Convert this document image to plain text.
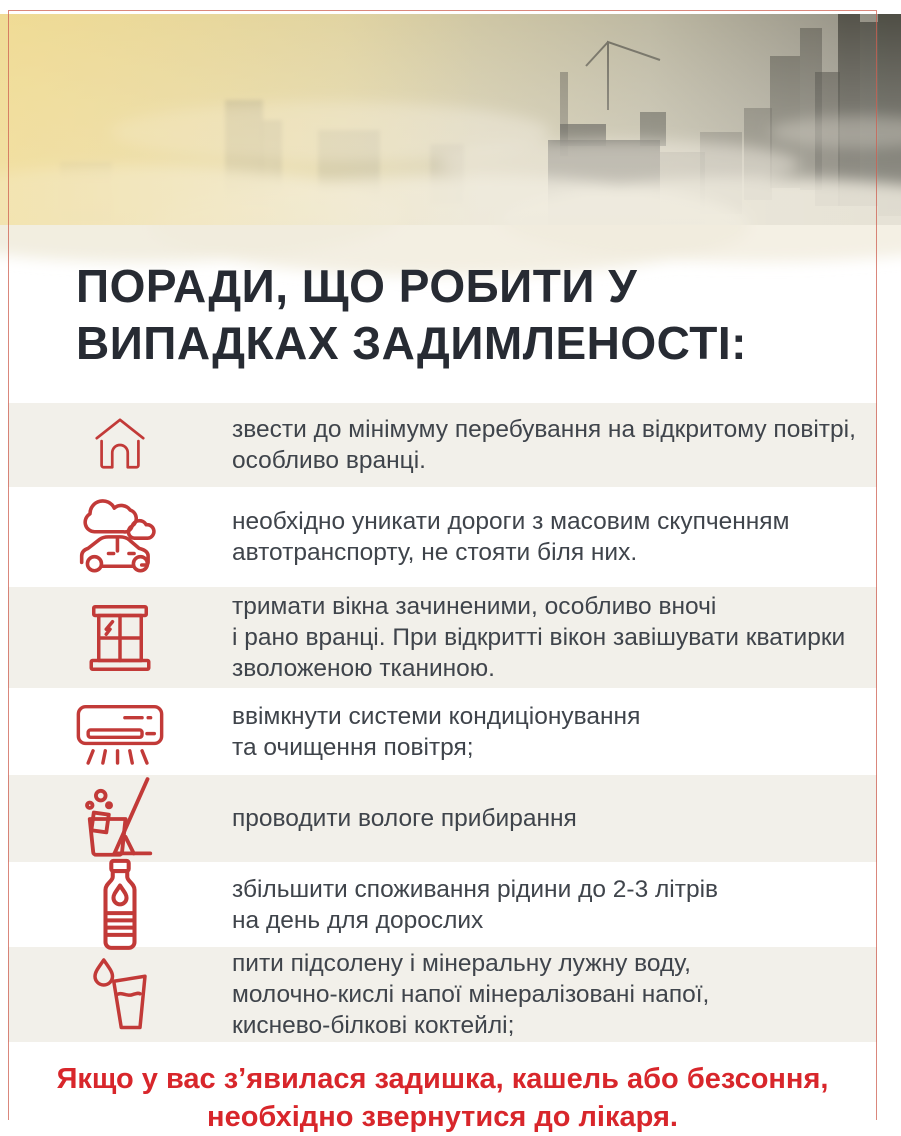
ПОРАДИ, ЩО РОБИТИ У
ВИПАДКАХ ЗАДИМЛЕНОСТІ:
звести до мінімуму перебування на відкритому повітрі,
особливо вранці.
необхідно уникати дороги з масовим скупченням
автотранспорту, не стояти біля них.
тримати вікна зачиненими, особливо вночі
і рано вранці. При відкритті вікон завішувати кватирки
зволоженою тканиною.
ввімкнути системи кондиціонування
та очищення повітря;
проводити вологе прибирання
збільшити споживання рідини до 2-3 літрів
на день для дорослих
пити підсолену і мінеральну лужну воду,
молочно-кислі напої мінералізовані напої,
киснево-білкові коктейлі;
Якщо у вас з’явилася задишка, кашель або безсоння,
необхідно звернутися до лікаря.
